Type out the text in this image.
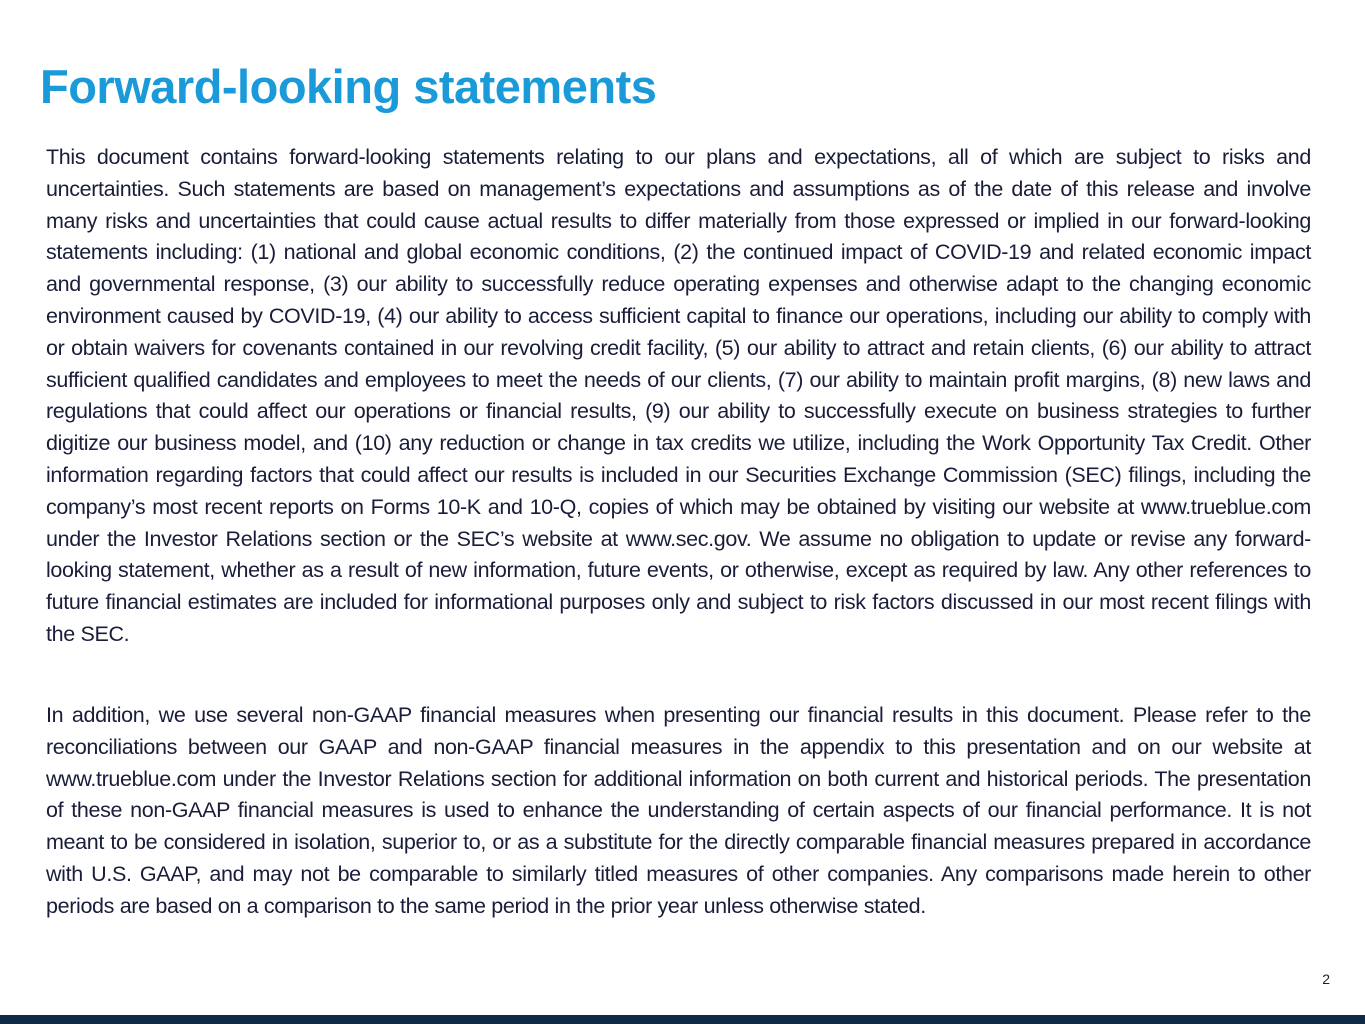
Forward-looking statements

This document contains forward-looking statements relating to our plans and expectations, all of which are subject to risks and uncertainties. Such statements are based on management’s expectations and assumptions as of the date of this release and involve many risks and uncertainties that could cause actual results to differ materially from those expressed or implied in our forward-looking statements including: (1) national and global economic conditions, (2) the continued impact of COVID-19 and related economic impact and governmental response, (3) our ability to successfully reduce operating expenses and otherwise adapt to the changing economic environment caused by COVID-19, (4) our ability to access sufficient capital to finance our operations, including our ability to comply with or obtain waivers for covenants contained in our revolving credit facility, (5) our ability to attract and retain clients, (6) our ability to attract sufficient qualified candidates and employees to meet the needs of our clients, (7) our ability to maintain profit margins, (8) new laws and regulations that could affect our operations or financial results, (9) our ability to successfully execute on business strategies to further digitize our business model, and (10) any reduction or change in tax credits we utilize, including the Work Opportunity Tax Credit. Other information regarding factors that could affect our results is included in our Securities Exchange Commission (SEC) filings, including the company’s most recent reports on Forms 10-K and 10-Q, copies of which may be obtained by visiting our website at www.trueblue.com under the Investor Relations section or the SEC’s website at www.sec.gov. We assume no obligation to update or revise any forward-looking statement, whether as a result of new information, future events, or otherwise, except as required by law. Any other references to future financial estimates are included for informational purposes only and subject to risk factors discussed in our most recent filings with the SEC.

In addition, we use several non-GAAP financial measures when presenting our financial results in this document. Please refer to the reconciliations between our GAAP and non-GAAP financial measures in the appendix to this presentation and on our website at www.trueblue.com under the Investor Relations section for additional information on both current and historical periods. The presentation of these non-GAAP financial measures is used to enhance the understanding of certain aspects of our financial performance. It is not meant to be considered in isolation, superior to, or as a substitute for the directly comparable financial measures prepared in accordance with U.S. GAAP, and may not be comparable to similarly titled measures of other companies. Any comparisons made herein to other periods are based on a comparison to the same period in the prior year unless otherwise stated.

2
